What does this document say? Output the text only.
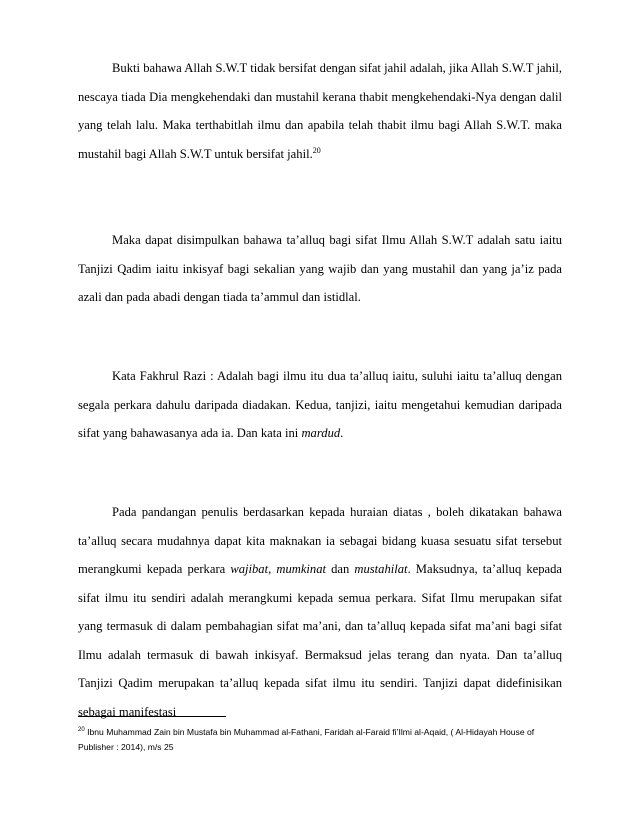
Bukti bahawa Allah S.W.T tidak bersifat dengan sifat jahil adalah, jika Allah S.W.T jahil, nescaya tiada Dia mengkehendaki dan mustahil kerana thabit mengkehendaki-Nya dengan dalil yang telah lalu. Maka terthabitlah ilmu dan apabila telah thabit ilmu bagi Allah S.W.T. maka mustahil bagi Allah S.W.T untuk bersifat jahil.$^{20}$

Maka dapat disimpulkan bahawa ta’alluq bagi sifat Ilmu Allah S.W.T adalah satu iaitu Tanjizi Qadim iaitu inkisyaf bagi sekalian yang wajib dan yang mustahil dan yang ja’iz pada azali dan pada abadi dengan tiada ta’ammul dan istidlal.

Kata Fakhrul Razi : Adalah bagi ilmu itu dua ta’alluq iaitu, suluhi iaitu ta’alluq dengan segala perkara dahulu daripada diadakan. Kedua, tanjizi, iaitu mengetahui kemudian daripada sifat yang bahawasanya ada ia. Dan kata ini mardud.

Pada pandangan penulis berdasarkan kepada huraian diatas , boleh dikatakan bahawa ta’alluq secara mudahnya dapat kita maknakan ia sebagai bidang kuasa sesuatu sifat tersebut merangkumi kepada perkara wajibat, mumkinat dan mustahilat. Maksudnya, ta’alluq kepada sifat ilmu itu sendiri adalah merangkumi kepada semua perkara. Sifat Ilmu merupakan sifat yang termasuk di dalam pembahagian sifat ma’ani, dan ta’alluq kepada sifat ma’ani bagi sifat Ilmu adalah termasuk di bawah inkisyaf. Bermaksud jelas terang dan nyata. Dan ta’alluq Tanjizi Qadim merupakan ta’alluq kepada sifat ilmu itu sendiri. Tanjizi dapat didefinisikan sebagai manifestasi

$^{20}$ Ibnu Muhammad Zain bin Mustafa bin Muhammad al-Fathani, Faridah al-Faraid fi’Ilmi al-Aqaid, ( Al-Hidayah House of Publisher : 2014), m/s 25
